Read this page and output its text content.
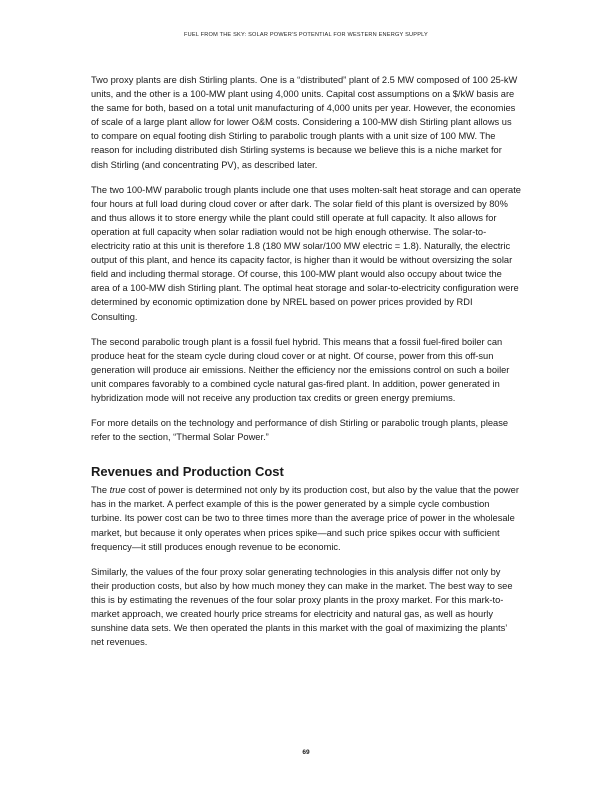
FUEL FROM THE SKY: SOLAR POWER'S POTENTIAL FOR WESTERN ENERGY SUPPLY

Two proxy plants are dish Stirling plants. One is a “distributed” plant of 2.5 MW composed of 100 25-kW units, and the other is a 100-MW plant using 4,000 units. Capital cost assumptions on a $/kW basis are the same for both, based on a total unit manufacturing of 4,000 units per year. However, the economies of scale of a large plant allow for lower O&M costs. Considering a 100-MW dish Stirling plant allows us to compare on equal footing dish Stirling to parabolic trough plants with a unit size of 100 MW. The reason for including distributed dish Stirling systems is because we believe this is a niche market for dish Stirling (and concentrating PV), as described later.

The two 100-MW parabolic trough plants include one that uses molten-salt heat storage and can operate four hours at full load during cloud cover or after dark. The solar field of this plant is oversized by 80% and thus allows it to store energy while the plant could still operate at full capacity. It also allows for operation at full capacity when solar radiation would not be high enough otherwise. The solar-to-electricity ratio at this unit is therefore 1.8 (180 MW solar/100 MW electric = 1.8). Naturally, the electric output of this plant, and hence its capacity factor, is higher than it would be without oversizing the solar field and including thermal storage. Of course, this 100-MW plant would also occupy about twice the area of a 100-MW dish Stirling plant. The optimal heat storage and solar-to-electricity configuration were determined by economic optimization done by NREL based on power prices provided by RDI Consulting.

The second parabolic trough plant is a fossil fuel hybrid. This means that a fossil fuel-fired boiler can produce heat for the steam cycle during cloud cover or at night. Of course, power from this off-sun generation will produce air emissions. Neither the efficiency nor the emissions control on such a boiler unit compares favorably to a combined cycle natural gas-fired plant. In addition, power generated in hybridization mode will not receive any production tax credits or green energy premiums.

For more details on the technology and performance of dish Stirling or parabolic trough plants, please refer to the section, “Thermal Solar Power.”

Revenues and Production Cost

The true cost of power is determined not only by its production cost, but also by the value that the power has in the market. A perfect example of this is the power generated by a simple cycle combustion turbine. Its power cost can be two to three times more than the average price of power in the wholesale market, but because it only operates when prices spike—and such price spikes occur with sufficient frequency—it still produces enough revenue to be economic.

Similarly, the values of the four proxy solar generating technologies in this analysis differ not only by their production costs, but also by how much money they can make in the market. The best way to see this is by estimating the revenues of the four solar proxy plants in the proxy market. For this mark-to-market approach, we created hourly price streams for electricity and natural gas, as well as hourly sunshine data sets. We then operated the plants in this market with the goal of maximizing the plants’ net revenues.

69
